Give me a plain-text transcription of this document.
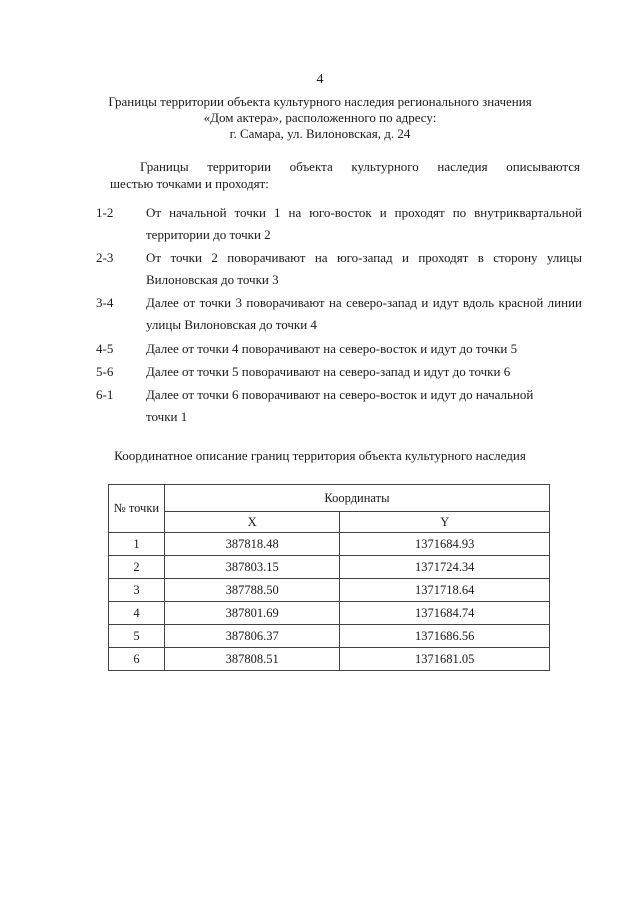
4
Границы территории объекта культурного наследия регионального значения
«Дом актера», расположенного по адресу:
г. Самара, ул. Вилоновская, д. 24
Границы территории объекта культурного наследия описываются
шестью точками и проходят:
1-2	От начальной точки 1 на юго-восток и проходят по внутриквартальной
территории до точки 2
2-3	От точки 2 поворачивают на юго-запад и проходят в сторону улицы
Вилоновская до точки 3
3-4	Далее от точки 3 поворачивают на северо-запад и идут вдоль красной линии
улицы Вилоновская до точки 4
4-5	Далее от точки 4 поворачивают на северо-восток и идут до точки 5
5-6	Далее от точки 5 поворачивают на северо-запад и идут до точки 6
6-1	Далее от точки 6 поворачивают на северо-восток и идут до начальной
точки 1
Координатное описание границ территория объекта культурного наследия
№ точки	Координаты	
	X	Y
1	387818.48	1371684.93
2	387803.15	1371724.34
3	387788.50	1371718.64
4	387801.69	1371684.74
5	387806.37	1371686.56
6	387808.51	1371681.05
